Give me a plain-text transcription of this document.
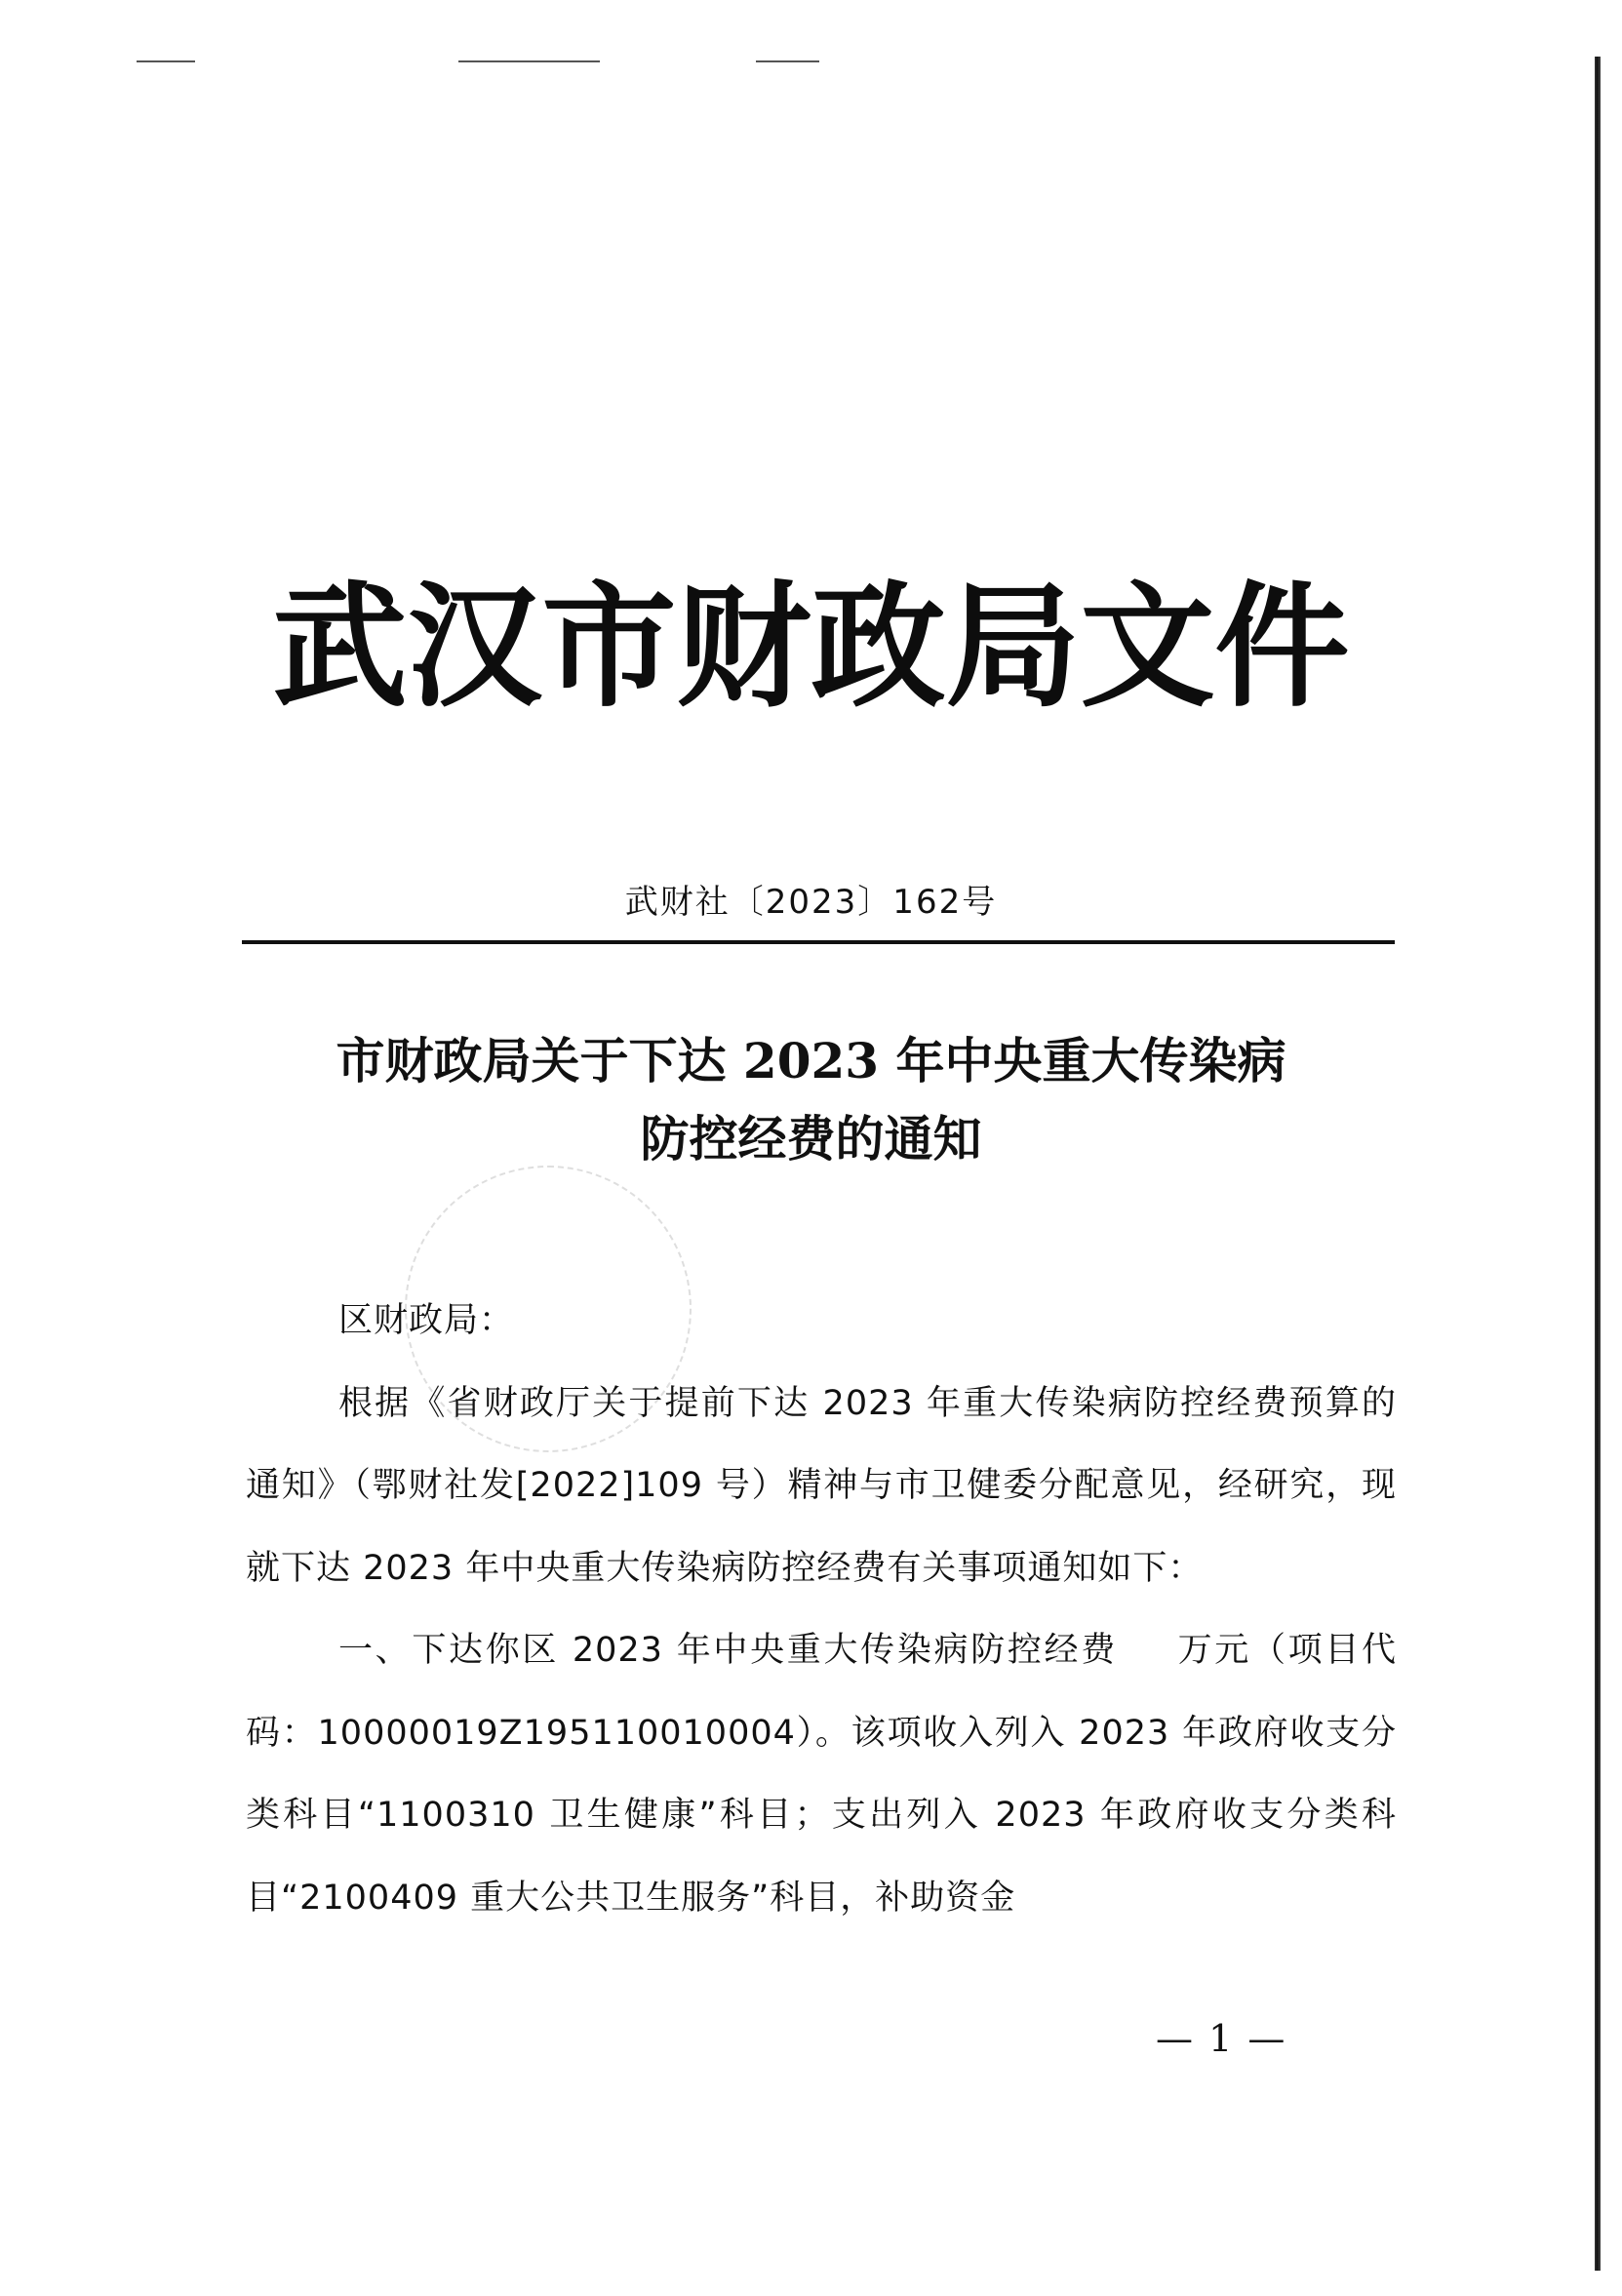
武汉市财政局文件
武财社〔2023〕162号
市财政局关于下达 2023 年中央重大传染病
防控经费的通知

区财政局：

根据《省财政厅关于提前下达 2023 年重大传染病防控经费预算的通知》（鄂财社发[2022]109 号）精神与市卫健委分配意见，经研究，现就下达 2023 年中央重大传染病防控经费有关事项通知如下：

一、下达你区 2023 年中央重大传染病防控经费 万元（项目代码：10000019Z195110010004）。该项收入列入 2023 年政府收支分类科目“1100310 卫生健康”科目；支出列入 2023 年政府收支分类科目“2100409 重大公共卫生服务”科目，补助资金

— 1 —
